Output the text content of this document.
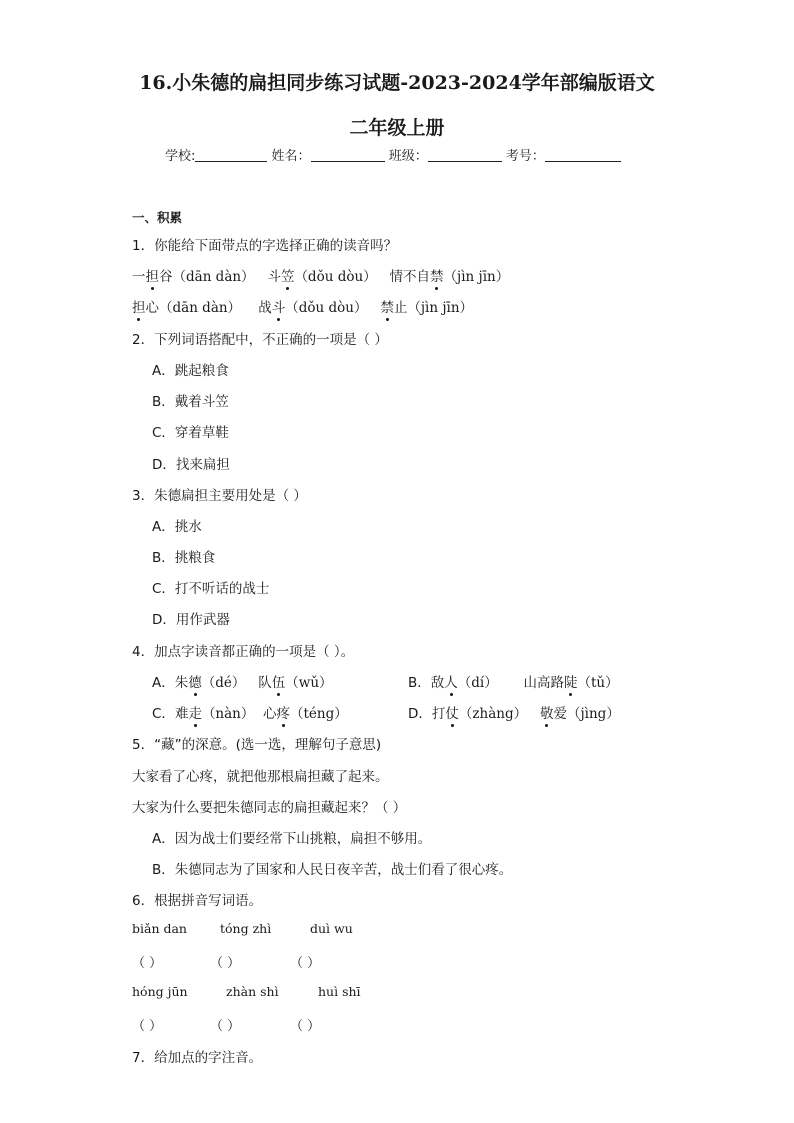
16.小朱德的扁担同步练习试题-2023-2024学年部编版语文
二年级上册
学校:	姓名：	班级：	考号：
一、积累
1．你能给下面带点的字选择正确的读音吗？
一担谷（dān dàn） 斗笠（dǒu dòu） 情不自禁（jìn jīn）
担心（dān dàn） 战斗（dǒu dòu） 禁止（jìn jīn）
2．下列词语搭配中，不正确的一项是（ ）
A．跳起粮食
B．戴着斗笠
C．穿着草鞋
D．找来扁担
3．朱德扁担主要用处是（ ）
A．挑水
B．挑粮食
C．打不听话的战士
D．用作武器
4．加点字读音都正确的一项是（ ）。
A．朱德（dé） 队伍（wǔ）	B．敌人（dí） 山高路陡（tǔ）
C．难走（nàn） 心疼（téng）	D．打仗（zhàng） 敬爱（jìng）
5．“藏”的深意。(选一选，理解句子意思)
大家看了心疼，就把他那根扁担藏了起来。
大家为什么要把朱德同志的扁担藏起来？（ ）
A．因为战士们要经常下山挑粮，扁担不够用。
B．朱德同志为了国家和人民日夜辛苦，战士们看了很心疼。
6．根据拼音写词语。
biǎn dan	tóng zhì	duì wu
（ ）	（ ）	（ ）
hóng jūn	zhàn shì	huì shī
（ ）	（ ）	（ ）
7．给加点的字注音。
